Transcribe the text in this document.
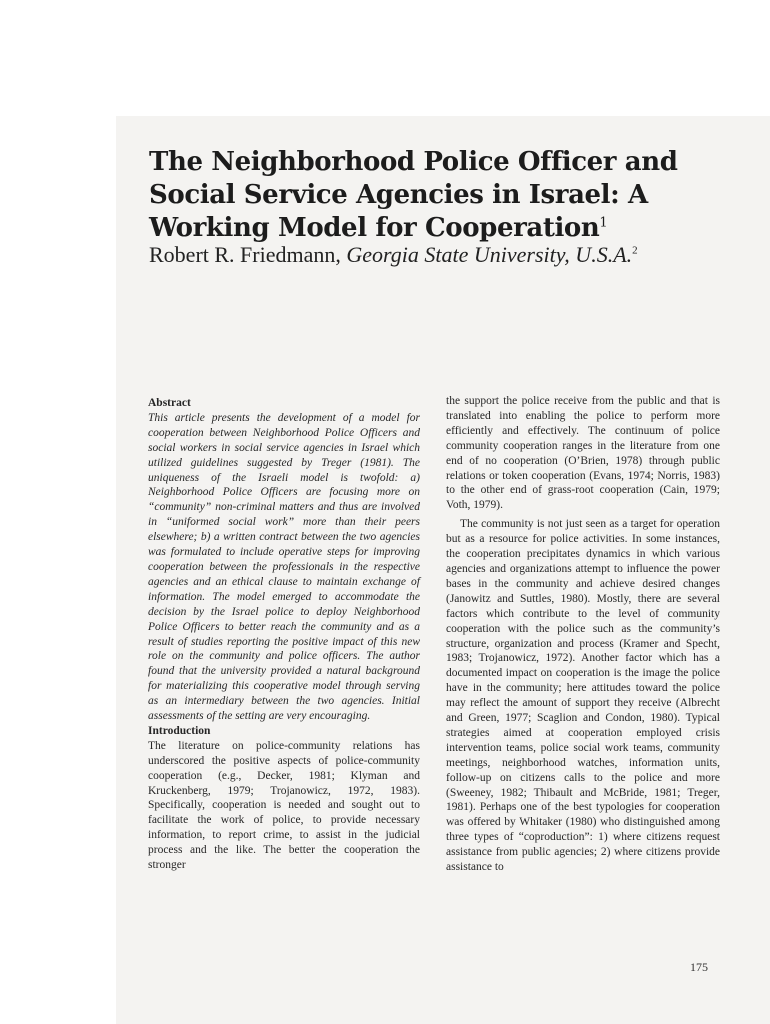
The Neighborhood Police Officer and Social Service Agencies in Israel: A Working Model for Cooperation$^1$
Robert R. Friedmann, Georgia State University, U.S.A.$^2$

Abstract

This article presents the development of a model for cooperation between Neighborhood Police Officers and social workers in social service agencies in Israel which utilized guidelines suggested by Treger (1981). The uniqueness of the Israeli model is twofold: a) Neighborhood Police Officers are focusing more on “community” non-criminal matters and thus are involved in “uniformed social work” more than their peers elsewhere; b) a written contract between the two agencies was formulated to include operative steps for improving cooperation between the professionals in the respective agencies and an ethical clause to maintain exchange of information. The model emerged to accommodate the decision by the Israel police to deploy Neighborhood Police Officers to better reach the community and as a result of studies reporting the positive impact of this new role on the community and police officers. The author found that the university provided a natural background for materializing this cooperative model through serving as an intermediary between the two agencies. Initial assessments of the setting are very encouraging.

Introduction

The literature on police-community relations has underscored the positive aspects of police-community cooperation (e.g., Decker, 1981; Klyman and Kruckenberg, 1979; Trojanowicz, 1972, 1983). Specifically, cooperation is needed and sought out to facilitate the work of police, to provide necessary information, to report crime, to assist in the judicial process and the like. The better the cooperation the stronger

the support the police receive from the public and that is translated into enabling the police to perform more efficiently and effectively. The continuum of police community cooperation ranges in the literature from one end of no cooperation (O’Brien, 1978) through public relations or token cooperation (Evans, 1974; Norris, 1983) to the other end of grass-root cooperation (Cain, 1979; Voth, 1979).

The community is not just seen as a target for operation but as a resource for police activities. In some instances, the cooperation precipitates dynamics in which various agencies and organizations attempt to influence the power bases in the community and achieve desired changes (Janowitz and Suttles, 1980). Mostly, there are several factors which contribute to the level of community cooperation with the police such as the community’s structure, organization and process (Kramer and Specht, 1983; Trojanowicz, 1972). Another factor which has a documented impact on cooperation is the image the police have in the community; here attitudes toward the police may reflect the amount of support they receive (Albrecht and Green, 1977; Scaglion and Condon, 1980). Typical strategies aimed at cooperation employed crisis intervention teams, police social work teams, community meetings, neighborhood watches, information units, follow-up on citizens calls to the police and more (Sweeney, 1982; Thibault and McBride, 1981; Treger, 1981). Perhaps one of the best typologies for cooperation was offered by Whitaker (1980) who distinguished among three types of “coproduction”: 1) where citizens request assistance from public agencies; 2) where citizens provide assistance to

175
